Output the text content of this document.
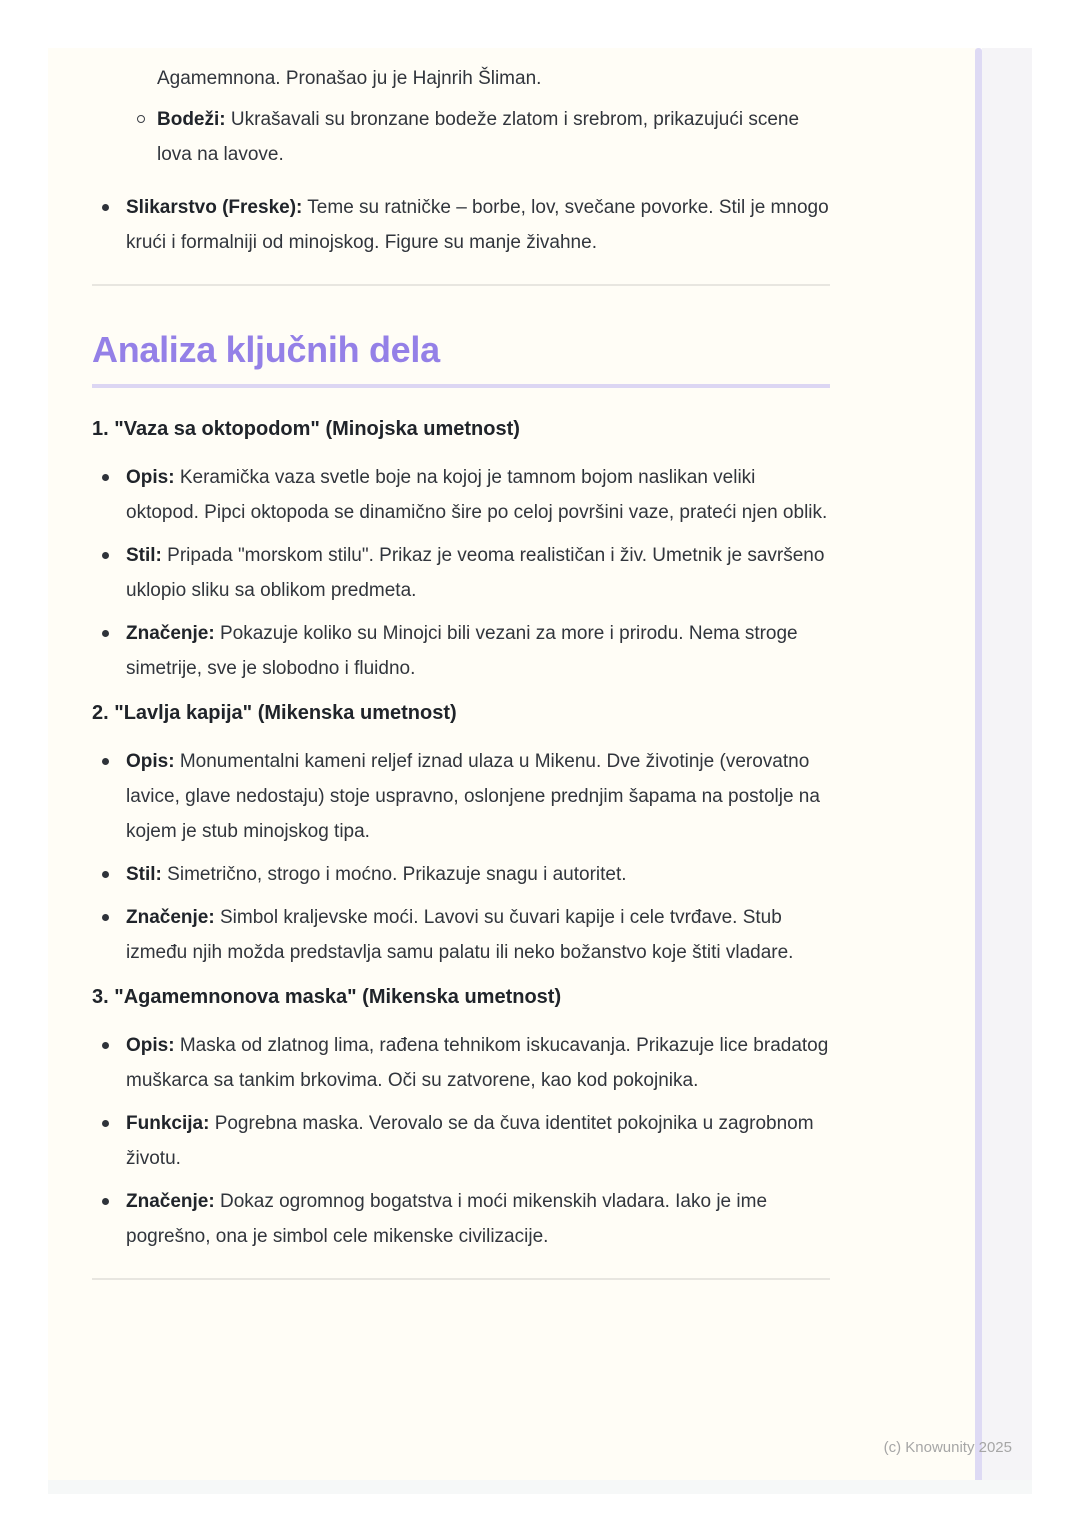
Agamemnona. Pronašao ju je Hajnrih Šliman.

Bodeži: Ukrašavali su bronzane bodeže zlatom i srebrom, prikazujući scene lova na lavove.
Slikarstvo (Freske): Teme su ratničke – borbe, lov, svečane povorke. Stil je mnogo krući i formalniji od minojskog. Figure su manje živahne.
Analiza ključnih dela
1. "Vaza sa oktopodom" (Minojska umetnost)
Opis: Keramička vaza svetle boje na kojoj je tamnom bojom naslikan veliki oktopod. Pipci oktopoda se dinamično šire po celoj površini vaze, prateći njen oblik.
Stil: Pripada "morskom stilu". Prikaz je veoma realističan i živ. Umetnik je savršeno uklopio sliku sa oblikom predmeta.
Značenje: Pokazuje koliko su Minojci bili vezani za more i prirodu. Nema stroge simetrije, sve je slobodno i fluidno.
2. "Lavlja kapija" (Mikenska umetnost)
Opis: Monumentalni kameni reljef iznad ulaza u Mikenu. Dve životinje (verovatno lavice, glave nedostaju) stoje uspravno, oslonjene prednjim šapama na postolje na kojem je stub minojskog tipa.
Stil: Simetrično, strogo i moćno. Prikazuje snagu i autoritet.
Značenje: Simbol kraljevske moći. Lavovi su čuvari kapije i cele tvrđave. Stub između njih možda predstavlja samu palatu ili neko božanstvo koje štiti vladare.
3. "Agamemnonova maska" (Mikenska umetnost)
Opis: Maska od zlatnog lima, rađena tehnikom iskucavanja. Prikazuje lice bradatog muškarca sa tankim brkovima. Oči su zatvorene, kao kod pokojnika.
Funkcija: Pogrebna maska. Verovalo se da čuva identitet pokojnika u zagrobnom životu.
Značenje: Dokaz ogromnog bogatstva i moći mikenskih vladara. Iako je ime pogrešno, ona je simbol cele mikenske civilizacije.
(c) Knowunity 2025
